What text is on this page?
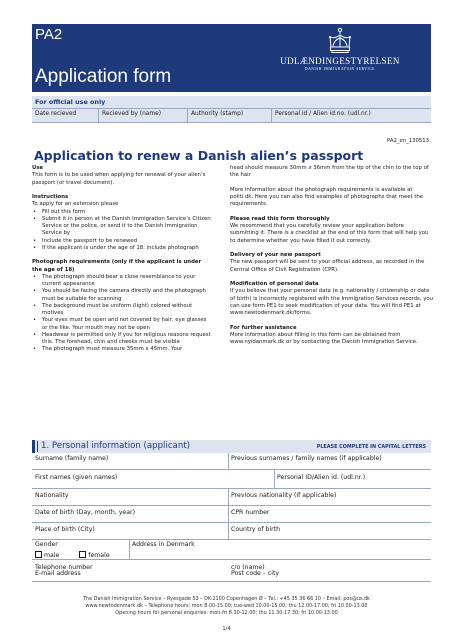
PA2
Application form
UDLÆNDINGESTYRELSEN
DANISH IMMIGRATION SERVICE
For official use only
Date recieved	Recieved by (name)	Authority (stamp)	Personal id / Alien id.no. (udl.nr.)
PA2_en_130513
Application to renew a Danish alien’s passport
Use
This form is to be used when applying for renewal of your alien’s passport (or travel document).
Instructions
To apply for an extension please
• Fill out this form
• Submit it in person at the Danish Immigration Service’s Citizen Service or the police, or send it to the Danish Immigration Service by
• Include the passport to be renewed
• If the applicant is under the age of 18: include photograph
Photograph requirements (only if the applicant is under the age of 18)
• The photograph should bear a close resemblance to your current appearance
• You should be facing the camera directly and the photograph must be suitable for scanning
• The background must be uniform (light) colored without motives
• Your eyes must be open and not covered by hair, eye glasses or the like. Your mouth may not be open
• Headwear is permitted only if you for religious reasons request this. The forehead, chin and cheeks must be visible
• The photograph must measure 35mm x 45mm. Your
head should measure 30mm x 36mm from the tip of the chin to the top of the hair
More information about the photograph requirements is available at politi.dk. Here you can also find examples of photographs that meet the requirements.
Please read this form thoroughly
We recommend that you carefully review your application before submitting it. There is a checklist at the end of this form that will help you to determine whether you have filled it out correctly.
Delivery of your new passport
The new passport will be sent to your official address, as recorded in the Central Office of Civil Registration (CPR).
Modification of personal data
If you believe that your personal data (e.g. nationality / citizenship or date of birth) is incorrectly registered with the Immigration Services records, you can use form PE1 to seek modification of your data. You will find PE1 at www.newtodenmark.dk/forms.
For further assistance
More information about filling in this form can be obtained from www.nyidanmark.dk or by contacting the Danish Immigration Service.
1. Personal information (applicant)	PLEASE COMPLETE IN CAPITAL LETTERS
Surname (family name)	Previous surnames / family names (if applicable)
First names (given names)	Personal ID/Alien id. (udl.nr.)
Nationality	Previous nationality (if applicable)
Date of birth (Day, month, year)	CPR number
Place of birth (City)	Country of birth
Gender
male	female
Address in Denmark
Telephone number	c/o (name)
E-mail address	Post code – city
The Danish Immigration Service – Ryesgade 53 – DK-2100 Copenhagen Ø – Tel.: +45 35 36 66 10 – Email: pos@us.dk
www.newtodenmark.dk – Telephone hours: mon 8.00-15.00; tue-wed 10.00-15.00; thu 12.00-17.00; fri 10.00-13.00
Opening hours for personal enquiries: mon-fri 8.30-12.00; thu 11.30-17.30; fri 10.00-13.00
1/4
